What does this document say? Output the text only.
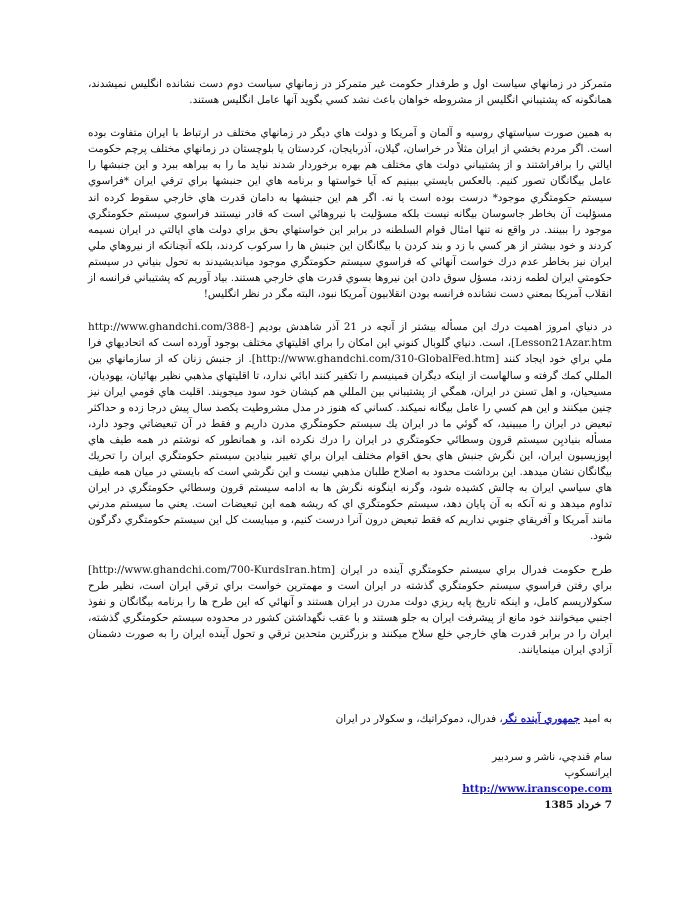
متمركز در زمانهاي سياست اول و طرفدار حكومت غير متمركز در زمانهاي سياست دوم دست نشانده انگليس نميشدند، همانگونه كه پشتيباني انگليس از مشروطه خواهان باعث نشد كسي بگويد آنها عامل انگليس هستند.

به همين صورت سياستهاي روسيه و آلمان و آمريكا و دولت هاي ديگر در زمانهاي مختلف در ارتباط با ايران متفاوت بوده است. اگر مردم بخشي از ايران مثلاً در خراسان، گيلان، آذربايجان، كردستان يا بلوچستان در زمانهاي مختلف پرچم حكومت ايالتي را برافراشتند و از پشتيباني دولت هاي مختلف هم بهره برخوردار شدند نبايد ما را به بيراهه ببرد و اين جنبشها را عامل بيگانگان تصور كنيم. بالعكس بايستي ببينيم كه آيا خواستها و برنامه هاي اين جنبشها براي ترقي ايران *فراسوي سيستم حكومتگري موجود* درست بوده است يا نه. اگر هم اين جنبشها به دامان قدرت هاي خارجي سقوط كرده اند مسؤليت آن بخاطر جاسوسان بيگانه نيست بلكه مسؤليت با نيروهائي است كه قادر نيستند فراسوي سيستم حكومتگري موجود را ببينند. در واقع نه تنها امثال قوام السلطنه در برابر اين خواستهاي بحق براي دولت هاي ايالتي در ايران نسيمه كردند و خود بيشتر از هر كسي با زد و بند كردن با بيگانگان اين جنبش ها را سركوب كردند، بلكه آنچنانكه از نيروهاي ملي ايران نيز بخاطر عدم درك خواست آنهائي كه فراسوي سيستم حكومتگري موجود ميانديشيدند به تحول بنياني در سيستم حكومتي ايران لطمه زدند، مسؤل سوق دادن اين نيروها بسوي قدرت هاي خارجي هستند. بياد آوريم كه پشتيباني فرانسه از انقلاب آمريكا بمعني دست نشانده فرانسه بودن انقلابيون آمريكا نبود، البته مگر در نظر انگليس!

در دنياي امروز اهميت درك اين مسأله بيشتر از آنچه در 21 آذر شاهدش بوديم [http://www.ghandchi.com/388-Lesson21Azar.htm]، است. دنياي گلوبال كنوني اين امكان را براي اقليتهاي مختلف بوجود آورده است كه اتحاديهاي فرا ملي براي خود ايجاد كنند [http://www.ghandchi.com/310-GlobalFed.htm]. از جنبش زنان كه از سازمانهاي بين المللي كمك گرفته و سالهاست از اينكه ديگران فمينيسم را تكفير كنند ابائي ندارد، تا اقليتهاي مذهبي نظير بهائيان، يهوديان، مسيحيان، و اهل تسنن در ايران، همگي از پشتيباني بين المللي هم كيشان خود سود ميجويند. اقليت هاي قومي ايران نيز چنين ميكنند و اين هم كسي را عامل بيگانه نميكند. كساني كه هنوز در مدل مشروطيت يكصد سال پيش درجا زده و حداكثر تبعيض در ايران را ميبينيد، كه گوئي ما در ايران يك سيستم حكومتگري مدرن داريم و فقط در آن تبعيضاتي وجود دارد، مسأله بنياديِن سيستم قرون وسطائي حكومتگري در ايران را درك نكرده اند، و همانطور كه نوشتم در همه طيف هاي اپوزيسيون ايران، اين نگرش جنبش هاي بحق اقوام مختلف ايران براي تغيير بنيادين سيستم حكومتگري ايران را تحريك بيگانگان نشان ميدهد. اين برداشت محدود به اصلاح طلبان مذهبي نيست و اين نگرشي است كه بايستي در ميان همه طيف هاي سياسي ايران به چالش كشيده شود، وگرنه اينگونه نگرش ها به ادامه سيستم قرون وسطائي حكومتگري در ايران تداوم ميدهد و نه آنكه به آن پايان دهد، سيستم حكومتگري اي كه ريشه همه اين تبعيضات است. يعني ما سيستم مدرني مانند آمريكا و آفريقاي جنوبي نداريم كه فقط تبعيض درون آنرا درست كنيم، و ميبايست كل اين سيستم حكومتگري دگرگون شود.

طرح حكومت فدرال براي سيستم حكومتگري آينده در ايران [http://www.ghandchi.com/700-KurdsIran.htm] براي رفتن فراسوي سيستم حكومتگري گذشته در ايران است و مهمترين خواست براي ترقي ايران است، نظير طرح سكولاريسم كامل، و اينكه تاريخ پايه ريزي دولت مدرن در ايران هستند و آنهائي كه اين طرح ها را برنامه بيگانگان و نفوذ اجنبي ميخوانند خود مانع از پيشرفت ايران به جلو هستند و با عقب نگهداشتن كشور در محدوده سيستم حكومتگري گذشته، ايران را در برابر قدرت هاي خارجي خلع سلاح ميكنند و بزرگترين متحدين ترقي و تحول آينده ايران را به صورت دشمنان آزادي ايران مينمايانند.

به اميد جمهوري آينده نگر، فدرال، دموكراتيك، و سكولار در ايران

سام قندچي، ناشر و سردبير
ايرانسكوپ
http://www.iranscope.com
7 خرداد 1385
